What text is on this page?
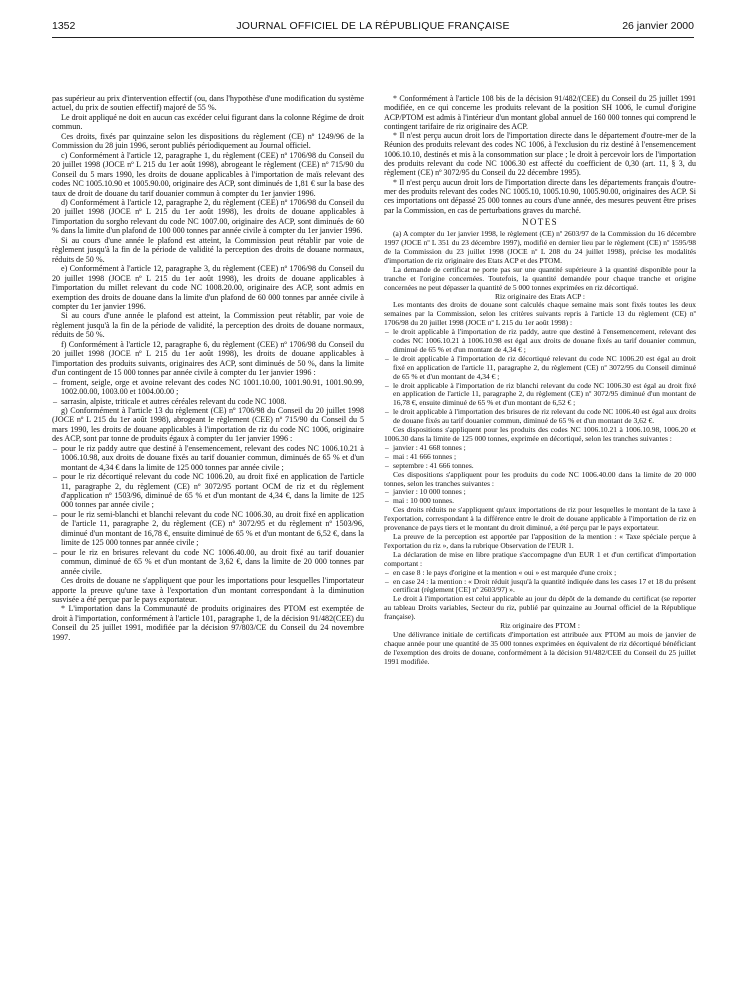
1352	JOURNAL OFFICIEL DE LA RÉPUBLIQUE FRANÇAISE	26 janvier 2000

pas supérieur au prix d'intervention effectif (ou, dans l'hypothèse d'une modification du système actuel, du prix de soutien effectif) majoré de 55 %.

Le droit appliqué ne doit en aucun cas excéder celui figurant dans la colonne Régime de droit commun.

Ces droits, fixés par quinzaine selon les dispositions du règlement (CE) nº 1249/96 de la Commission du 28 juin 1996, seront publiés périodiquement au Journal officiel.

c) Conformément à l'article 12, paragraphe 1, du règlement (CEE) nº 1706/98 du Conseil du 20 juillet 1998 (JOCE nº L 215 du 1er août 1998), abrogeant le règlement (CEE) nº 715/90 du Conseil du 5 mars 1990, les droits de douane applicables à l'importation de maïs relevant des codes NC 1005.10.90 et 1005.90.00, originaire des ACP, sont diminués de 1,81 € sur la base des taux de droit de douane du tarif douanier commun à compter du 1er janvier 1996.

d) Conformément à l'article 12, paragraphe 2, du règlement (CEE) nº 1706/98 du Conseil du 20 juillet 1998 (JOCE nº L 215 du 1er août 1998), les droits de douane applicables à l'importation du sorgho relevant du code NC 1007.00, originaire des ACP, sont diminués de 60 % dans la limite d'un plafond de 100 000 tonnes par année civile à compter du 1er janvier 1996.

Si au cours d'une année le plafond est atteint, la Commission peut rétablir par voie de règlement jusqu'à la fin de la période de validité la perception des droits de douane normaux, réduits de 50 %.

e) Conformément à l'article 12, paragraphe 3, du règlement (CEE) nº 1706/98 du Conseil du 20 juillet 1998 (JOCE nº L 215 du 1er août 1998), les droits de douane applicables à l'importation du millet relevant du code NC 1008.20.00, originaire des ACP, sont admis en exemption des droits de douane dans la limite d'un plafond de 60 000 tonnes par année civile à compter du 1er janvier 1996.

Si au cours d'une année le plafond est atteint, la Commission peut rétablir, par voie de règlement jusqu'à la fin de la période de validité, la perception des droits de douane normaux, réduits de 50 %.

f) Conformément à l'article 12, paragraphe 6, du règlement (CEE) nº 1706/98 du Conseil du 20 juillet 1998 (JOCE nº L 215 du 1er août 1998), les droits de douane applicables à l'importation des produits suivants, originaires des ACP, sont diminués de 50 %, dans la limite d'un contingent de 15 000 tonnes par année civile à compter du 1er janvier 1996 :

– froment, seigle, orge et avoine relevant des codes NC 1001.10.00, 1001.90.91, 1001.90.99, 1002.00.00, 1003.00 et 1004.00.00 ;
– sarrasin, alpiste, triticale et autres céréales relevant du code NC 1008.

g) Conformément à l'article 13 du règlement (CE) nº 1706/98 du Conseil du 20 juillet 1998 (JOCE nº L 215 du 1er août 1998), abrogeant le règlement (CEE) nº 715/90 du Conseil du 5 mars 1990, les droits de douane applicables à l'importation de riz du code NC 1006, originaire des ACP, sont par tonne de produits égaux à compter du 1er janvier 1996 :

– pour le riz paddy autre que destiné à l'ensemencement, relevant des codes NC 1006.10.21 à 1006.10.98, aux droits de douane fixés au tarif douanier commun, diminués de 65 % et d'un montant de 4,34 € dans la limite de 125 000 tonnes par année civile ;
– pour le riz décortiqué relevant du code NC 1006.20, au droit fixé en application de l'article 11, paragraphe 2, du règlement (CE) nº 3072/95 portant OCM de riz et du règlement d'application nº 1503/96, diminué de 65 % et d'un montant de 4,34 €, dans la limite de 125 000 tonnes par année civile ;
– pour le riz semi-blanchi et blanchi relevant du code NC 1006.30, au droit fixé en application de l'article 11, paragraphe 2, du règlement (CE) nº 3072/95 et du règlement nº 1503/96, diminué d'un montant de 16,78 €, ensuite diminué de 65 % et d'un montant de 6,52 €, dans la limite de 125 000 tonnes par année civile ;
– pour le riz en brisures relevant du code NC 1006.40.00, au droit fixé au tarif douanier commun, diminué de 65 % et d'un montant de 3,62 €, dans la limite de 20 000 tonnes par année civile.

Ces droits de douane ne s'appliquent que pour les importations pour lesquelles l'importateur apporte la preuve qu'une taxe à l'exportation d'un montant correspondant à la diminution susvisée a été perçue par le pays exportateur.

* L'importation dans la Communauté de produits originaires des PTOM est exemptée de droit à l'importation, conformément à l'article 101, paragraphe 1, de la décision 91/482(CEE) du Conseil du 25 juillet 1991, modifiée par la décision 97/803/CE du Conseil du 24 novembre 1997.

* Conformément à l'article 108 bis de la décision 91/482/(CEE) du Conseil du 25 juillet 1991 modifiée, en ce qui concerne les produits relevant de la position SH 1006, le cumul d'origine ACP/PTOM est admis à l'intérieur d'un montant global annuel de 160 000 tonnes qui comprend le contingent tarifaire de riz originaire des ACP.

* Il n'est perçu aucun droit lors de l'importation directe dans le département d'outre-mer de la Réunion des produits relevant des codes NC 1006, à l'exclusion du riz destiné à l'ensemencement 1006.10.10, destinés et mis à la consommation sur place ; le droit à percevoir lors de l'importation des produits relevant du code NC 1006.30 est affecté du coefficient de 0,30 (art. 11, § 3, du règlement (CE) nº 3072/95 du Conseil du 22 décembre 1995).

* Il n'est perçu aucun droit lors de l'importation directe dans les départements français d'outre-mer des produits relevant des codes NC 1005.10, 1005.10.90, 1005.90.00, originaires des ACP. Si ces importations ont dépassé 25 000 tonnes au cours d'une année, des mesures peuvent être prises par la Commission, en cas de perturbations graves du marché.

NOTES

(a) A compter du 1er janvier 1998, le règlement (CE) nº 2603/97 de la Commission du 16 décembre 1997 (JOCE nº L 351 du 23 décembre 1997), modifié en dernier lieu par le règlement (CE) nº 1595/98 de la Commission du 23 juillet 1998 (JOCE nº L 208 du 24 juillet 1998), précise les modalités d'importation de riz originaire des Etats ACP et des PTOM.

La demande de certificat ne porte pas sur une quantité supérieure à la quantité disponible pour la tranche et l'origine concernées. Toutefois, la quantité demandée pour chaque tranche et origine concernées ne peut dépasser la quantité de 5 000 tonnes exprimées en riz décortiqué.

Riz originaire des Etats ACP :

Les montants des droits de douane sont calculés chaque semaine mais sont fixés toutes les deux semaines par la Commission, selon les critères suivants repris à l'article 13 du règlement (CE) nº 1706/98 du 20 juillet 1998 (JOCE nº L 215 du 1er août 1998) :

– le droit applicable à l'importation de riz paddy, autre que destiné à l'ensemencement, relevant des codes NC 1006.10.21 à 1006.10.98 est égal aux droits de douane fixés au tarif douanier commun, diminué de 65 % et d'un montant de 4,34 € ;
– le droit applicable à l'importation de riz décortiqué relevant du code NC 1006.20 est égal au droit fixé en application de l'article 11, paragraphe 2, du règlement (CE) nº 3072/95 du Conseil diminué de 65 % et d'un montant de 4,34 € ;
– le droit applicable à l'importation de riz blanchi relevant du code NC 1006.30 est égal au droit fixé en application de l'article 11, paragraphe 2, du règlement (CE) nº 3072/95 diminué d'un montant de 16,78 €, ensuite diminué de 65 % et d'un montant de 6,52 € ;
– le droit applicable à l'importation des brisures de riz relevant du code NC 1006.40 est égal aux droits de douane fixés au tarif douanier commun, diminué de 65 % et d'un montant de 3,62 €.

Ces dispositions s'appliquent pour les produits des codes NC 1006.10.21 à 1006.10.98, 1006.20 et 1006.30 dans la limite de 125 000 tonnes, exprimée en décortiqué, selon les tranches suivantes :

– janvier : 41 668 tonnes ;
– mai : 41 666 tonnes ;
– septembre : 41 666 tonnes.

Ces dispositions s'appliquent pour les produits du code NC 1006.40.00 dans la limite de 20 000 tonnes, selon les tranches suivantes :

– janvier : 10 000 tonnes ;
– mai : 10 000 tonnes.

Ces droits réduits ne s'appliquent qu'aux importations de riz pour lesquelles le montant de la taxe à l'exportation, correspondant à la différence entre le droit de douane applicable à l'importation de riz en provenance de pays tiers et le montant du droit diminué, a été perçu par le pays exportateur.

La preuve de la perception est apportée par l'apposition de la mention : « Taxe spéciale perçue à l'exportation du riz », dans la rubrique Observation de l'EUR 1.

La déclaration de mise en libre pratique s'accompagne d'un EUR 1 et d'un certificat d'importation comportant :

– en case 8 : le pays d'origine et la mention « oui » est marquée d'une croix ;
– en case 24 : la mention : « Droit réduit jusqu'à la quantité indiquée dans les cases 17 et 18 du présent certificat (règlement [CE] nº 2603/97) ».

Le droit à l'importation est celui applicable au jour du dépôt de la demande du certificat (se reporter au tableau Droits variables, Secteur du riz, publié par quinzaine au Journal officiel de la République française).

Riz originaire des PTOM :

Une délivrance initiale de certificats d'importation est attribuée aux PTOM au mois de janvier de chaque année pour une quantité de 35 000 tonnes exprimées en équivalent de riz décortiqué bénéficiant de l'exemption des droits de douane, conformément à la décision 91/482/CEE du Conseil du 25 juillet 1991 modifiée.
